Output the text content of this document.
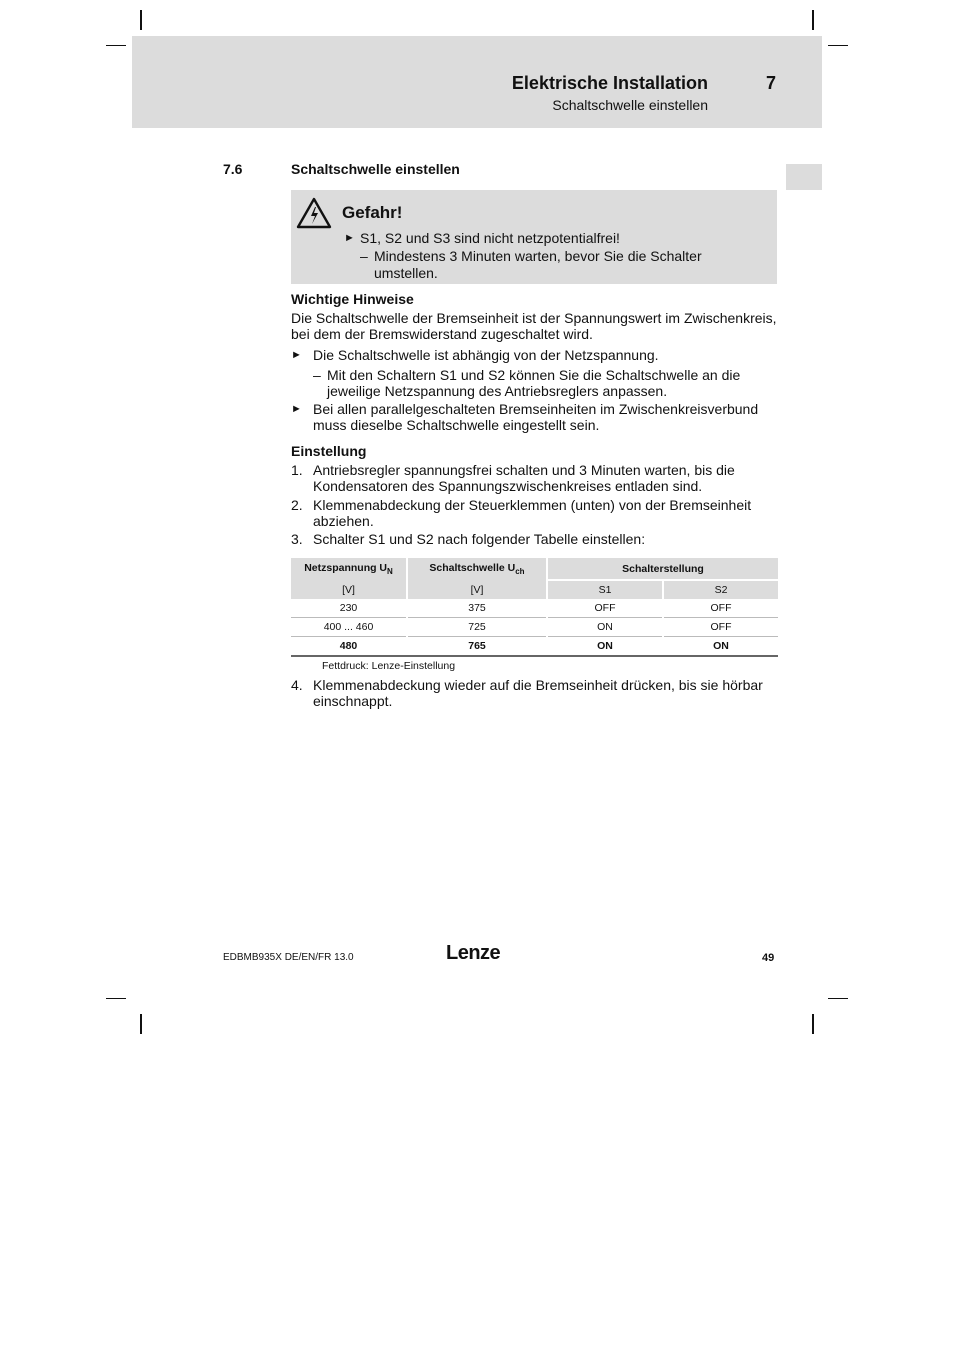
Elektrische Installation	7
Schaltschwelle einstellen
7.6	Schaltschwelle einstellen
Gefahr!
► S1, S2 und S3 sind nicht netzpotentialfrei!
– Mindestens 3 Minuten warten, bevor Sie die Schalter
umstellen.
Wichtige Hinweise
Die Schaltschwelle der Bremseinheit ist der Spannungswert im Zwischenkreis,
bei dem der Bremswiderstand zugeschaltet wird.
► Die Schaltschwelle ist abhängig von der Netzspannung.
– Mit den Schaltern S1 und S2 können Sie die Schaltschwelle an die
jeweilige Netzspannung des Antriebsreglers anpassen.
► Bei allen parallelgeschalteten Bremseinheiten im Zwischenkreisverbund
muss dieselbe Schaltschwelle eingestellt sein.
Einstellung
1. Antriebsregler spannungsfrei schalten und 3 Minuten warten, bis die
Kondensatoren des Spannungszwischenkreises entladen sind.
2. Klemmenabdeckung der Steuerklemmen (unten) von der Bremseinheit
abziehen.
3. Schalter S1 und S2 nach folgender Tabelle einstellen:
Netzspannung $U_N$	Schaltschwelle $U_{ch}$	Schalterstellung	
[V]	[V]	S1	S2
230	375	OFF	OFF
400 ... 460	725	ON	OFF
480	765	ON	ON
Fettdruck: Lenze-Einstellung
4. Klemmenabdeckung wieder auf die Bremseinheit drücken, bis sie hörbar
einschnappt.
EDBMB935X DE/EN/FR 13.0	Lenze	49
